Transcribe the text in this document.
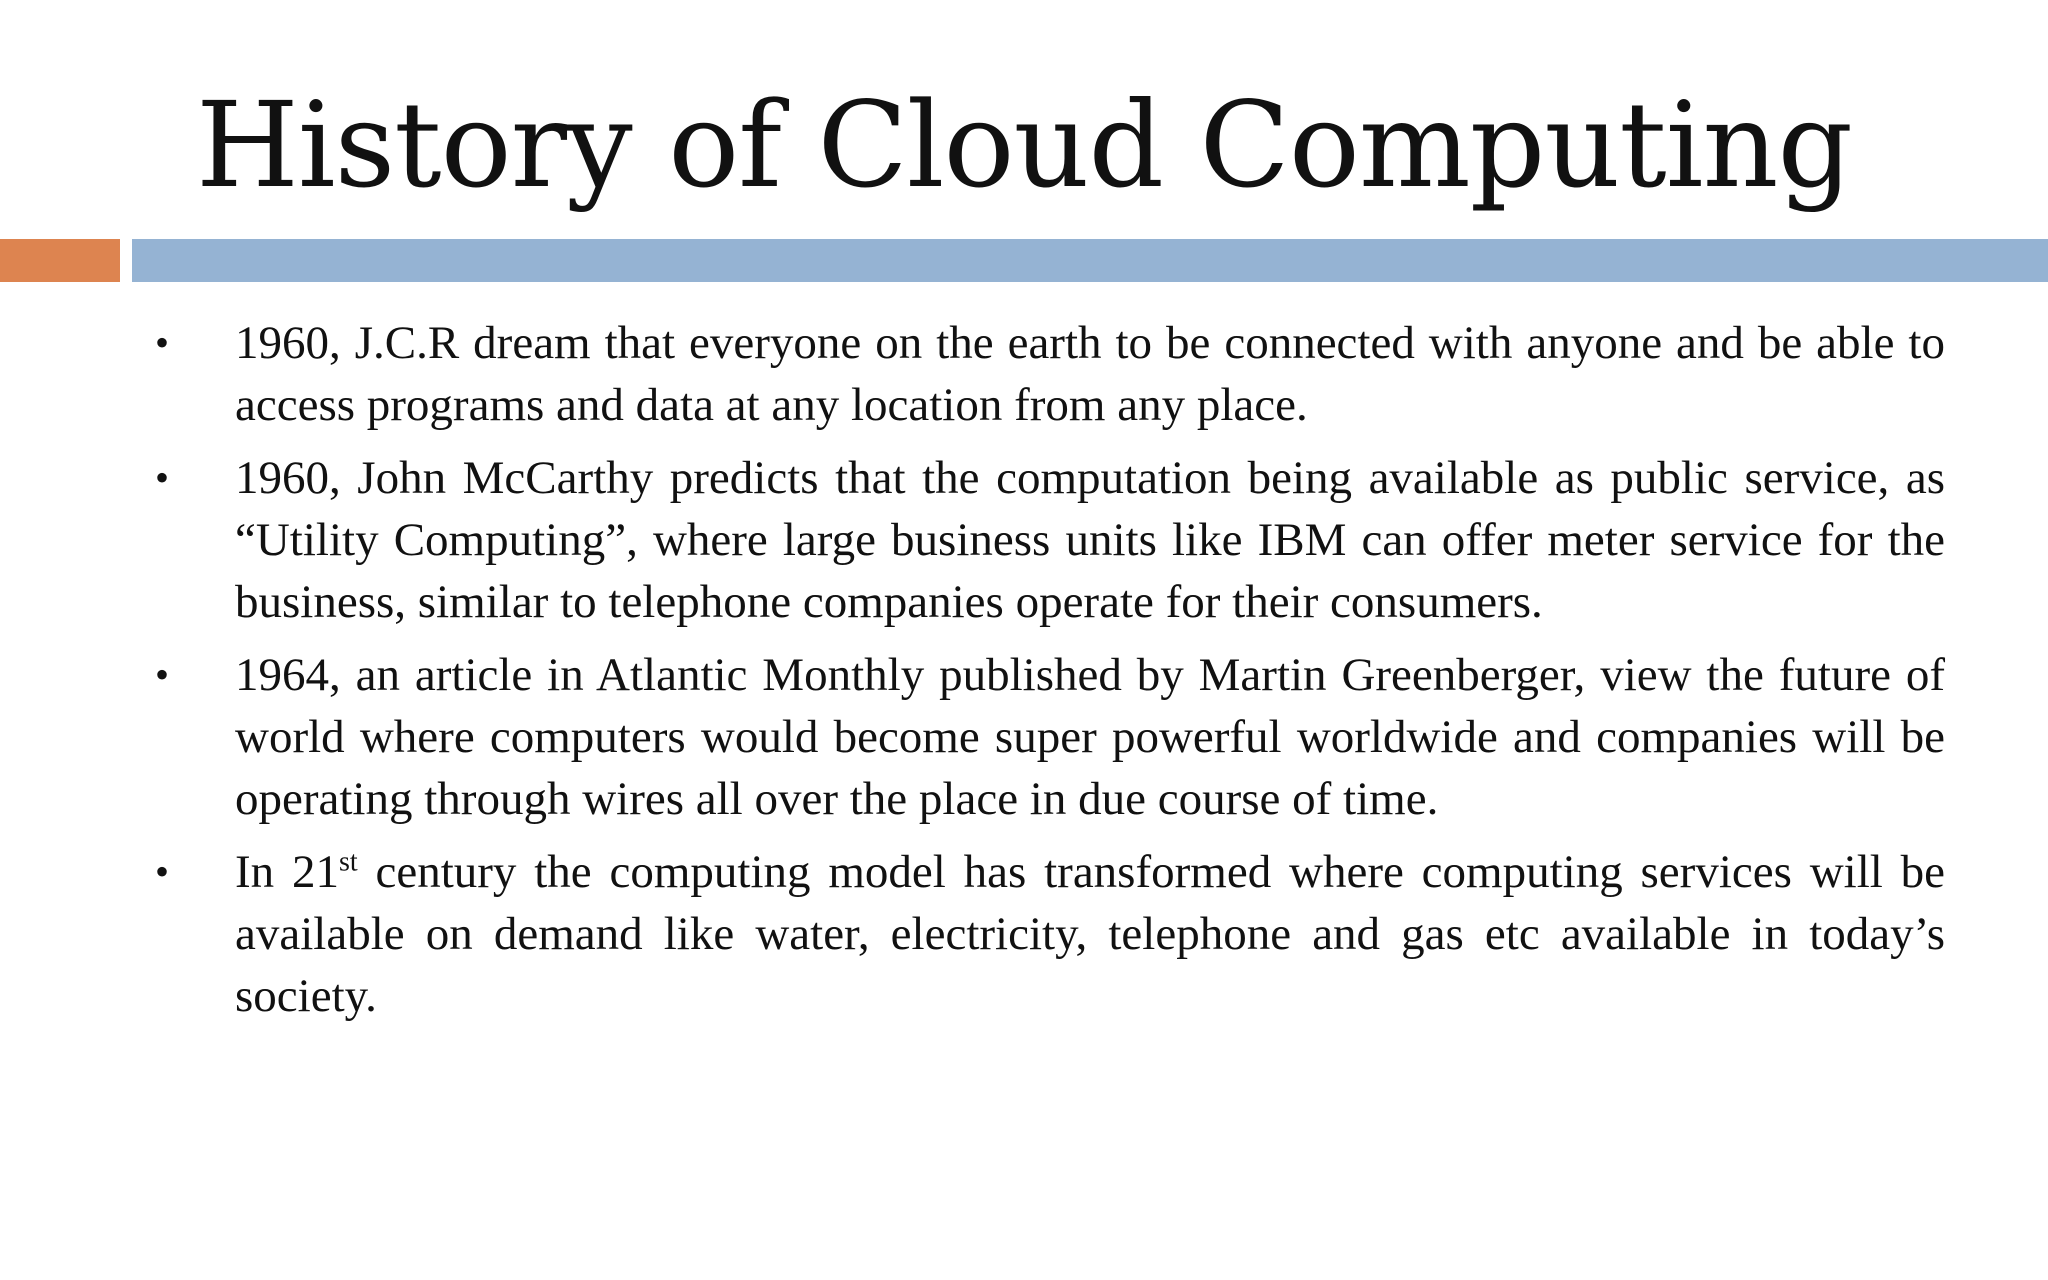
History of Cloud Computing
•	1960, J.C.R dream that everyone on the earth to be connected with anyone and be able to access programs and data at any location from any place.
•	1960, John McCarthy predicts that the computation being available as public service, as “Utility Computing”, where large business units like IBM can offer meter service for the business, similar to telephone companies operate for their consumers.
•	1964, an article in Atlantic Monthly published by Martin Greenberger, view the future of world where computers would become super powerful worldwide and companies will be operating through wires all over the place in due course of time.
•	In 21st century the computing model has transformed where computing services will be available on demand like water, electricity, telephone and gas etc available in today’s society.
